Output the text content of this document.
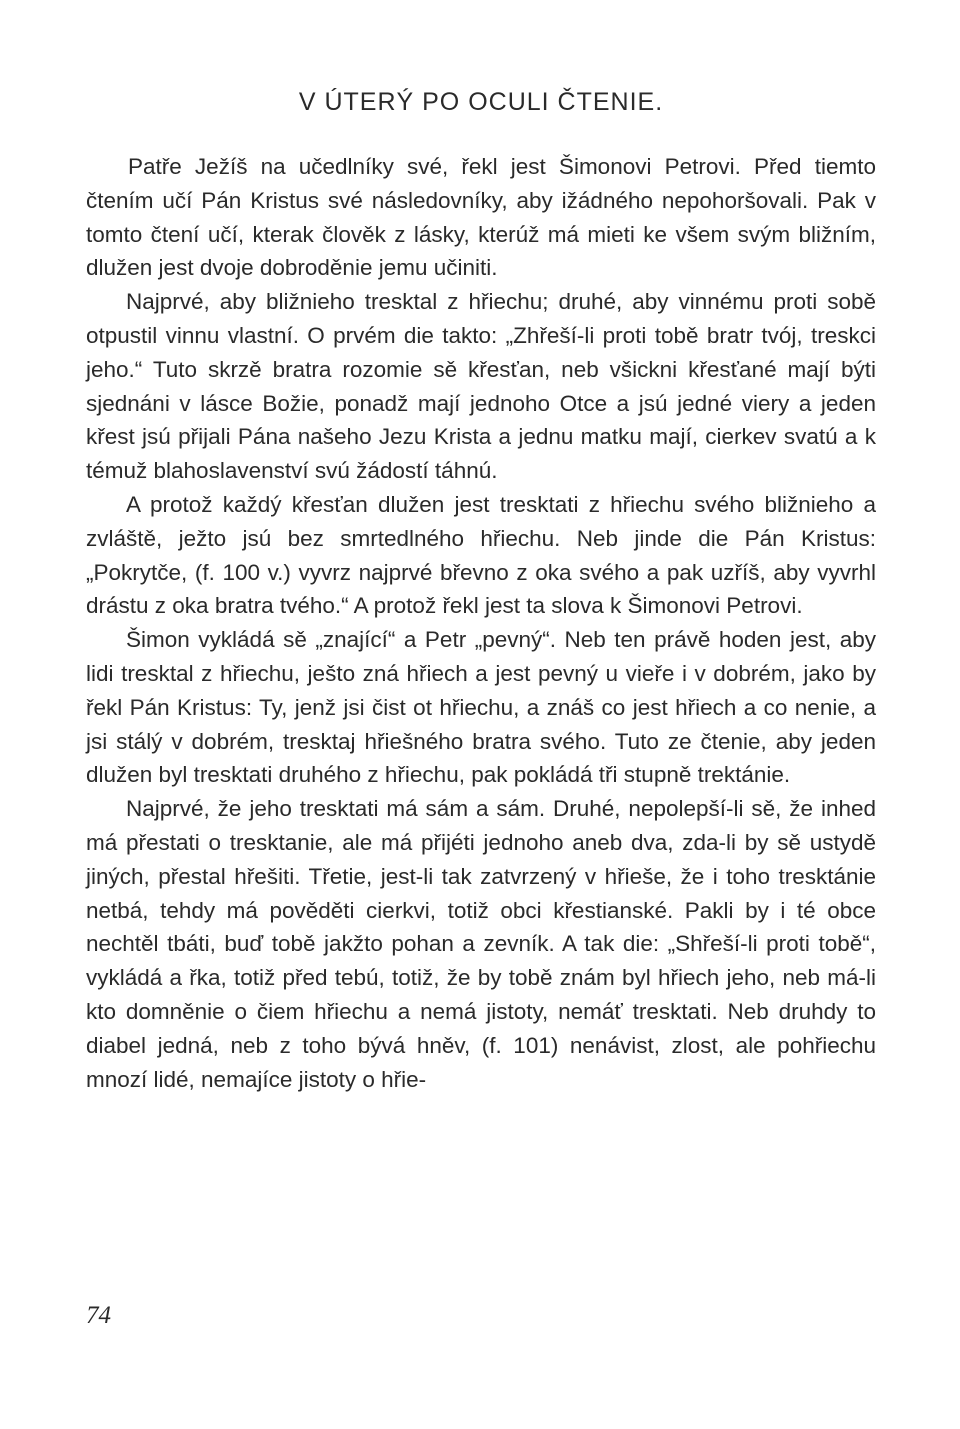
V ÚTERÝ PO OCULI ČTENIE.

Patře Ježíš na učedlníky své, řekl jest Šimonovi Petrovi. Před tiemto čtením učí Pán Kristus své následovníky, aby ižádného nepohoršovali. Pak v tomto čtení učí, kterak člověk z lásky, kterúž má mieti ke všem svým bližním, dlužen jest dvoje dobroděnie jemu učiniti.

Najprvé, aby bližnieho tresktal z hřiechu; druhé, aby vinnému proti sobě otpustil vinnu vlastní. O prvém die takto: „Zhřeší-li proti tobě bratr tvój, treskci jeho.“ Tuto skrzě bratra rozomie sě křesťan, neb všickni křesťané mají býti sjednáni v lásce Božie, ponadž mají jednoho Otce a jsú jedné viery a jeden křest jsú přijali Pána našeho Jezu Krista a jednu matku mají, cierkev svatú a k témuž blahoslavenství svú žádostí táhnú.

A protož každý křesťan dlužen jest tresktati z hřiechu svého bližnieho a zvláště, ježto jsú bez smrtedlného hřiechu. Neb jinde die Pán Kristus: „Pokrytče, (f. 100 v.) vyvrz najprvé břevno z oka svého a pak uzříš, aby vyvrhl drástu z oka bratra tvého.“ A protož řekl jest ta slova k Šimonovi Petrovi.

Šimon vykládá sě „znající“ a Petr „pevný“. Neb ten právě hoden jest, aby lidi tresktal z hřiechu, ješto zná hřiech a jest pevný u vieře i v dobrém, jako by řekl Pán Kristus: Ty, jenž jsi čist ot hřiechu, a znáš co jest hřiech a co nenie, a jsi stálý v dobrém, tresktaj hřiešného bratra svého. Tuto ze čtenie, aby jeden dlužen byl tresktati druhého z hřiechu, pak pokládá tři stupně trektánie.

Najprvé, že jeho tresktati má sám a sám. Druhé, nepolepší-li sě, že inhed má přestati o tresktanie, ale má přijéti jednoho aneb dva, zda-li by sě ustydě jiných, přestal hřešiti. Třetie, jest-li tak zatvrzený v hřieše, že i toho tresktánie netbá, tehdy má pověděti cierkvi, totiž obci křestianské. Pakli by i té obce nechtěl tbáti, buď tobě jakžto pohan a zevník. A tak die: „Shřeší-li proti tobě“, vykládá a řka, totiž před tebú, totiž, že by tobě znám byl hřiech jeho, neb má-li kto domněnie o čiem hřiechu a nemá jistoty, nemáť tresktati. Neb druhdy to diabel jedná, neb z toho bývá hněv, (f. 101) nenávist, zlost, ale pohřiechu mnozí lidé, nemajíce jistoty o hřie-

74
